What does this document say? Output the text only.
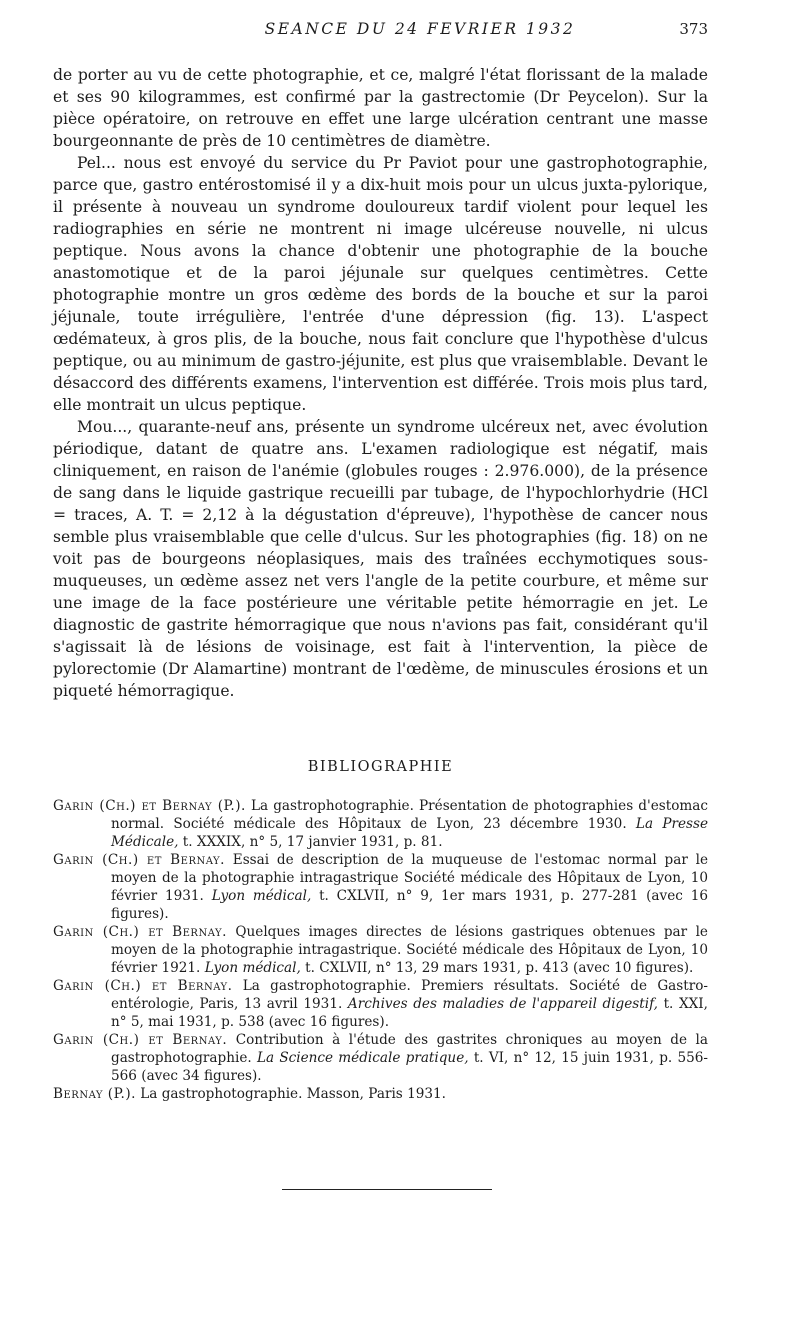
SEANCE DU 24 FEVRIER 1932	373

de porter au vu de cette photographie, et ce, malgré l'état florissant de la malade et ses 90 kilogrammes, est confirmé par la gastrectomie (Dr Peycelon). Sur la pièce opératoire, on retrouve en effet une large ulcération centrant une masse bourgeonnante de près de 10 centimètres de diamètre.

Pel... nous est envoyé du service du Pr Paviot pour une gastrophotographie, parce que, gastro entérostomisé il y a dix-huit mois pour un ulcus juxta-pylorique, il présente à nouveau un syndrome douloureux tardif violent pour lequel les radiographies en série ne montrent ni image ulcéreuse nouvelle, ni ulcus peptique. Nous avons la chance d'obtenir une photographie de la bouche anastomotique et de la paroi jéjunale sur quelques centimètres. Cette photographie montre un gros œdème des bords de la bouche et sur la paroi jéjunale, toute irrégulière, l'entrée d'une dépression (fig. 13). L'aspect œdémateux, à gros plis, de la bouche, nous fait conclure que l'hypothèse d'ulcus peptique, ou au minimum de gastro-jéjunite, est plus que vraisemblable. Devant le désaccord des différents examens, l'intervention est différée. Trois mois plus tard, elle montrait un ulcus peptique.

Mou..., quarante-neuf ans, présente un syndrome ulcéreux net, avec évolution périodique, datant de quatre ans. L'examen radiologique est négatif, mais cliniquement, en raison de l'anémie (globules rouges : 2.976.000), de la présence de sang dans le liquide gastrique recueilli par tubage, de l'hypochlorhydrie (HCl = traces, A. T. = 2,12 à la dégustation d'épreuve), l'hypothèse de cancer nous semble plus vraisemblable que celle d'ulcus. Sur les photographies (fig. 18) on ne voit pas de bourgeons néoplasiques, mais des traînées ecchymotiques sous-muqueuses, un œdème assez net vers l'angle de la petite courbure, et même sur une image de la face postérieure une véritable petite hémorragie en jet. Le diagnostic de gastrite hémorragique que nous n'avions pas fait, considérant qu'il s'agissait là de lésions de voisinage, est fait à l'intervention, la pièce de pylorectomie (Dr Alamartine) montrant de l'œdème, de minuscules érosions et un piqueté hémorragique.

BIBLIOGRAPHIE

Garin (Ch.) et Bernay (P.). La gastrophotographie. Présentation de photographies d'estomac normal. Société médicale des Hôpitaux de Lyon, 23 décembre 1930. La Presse Médicale, t. XXXIX, n° 5, 17 janvier 1931, p. 81.

Garin (Ch.) et Bernay. Essai de description de la muqueuse de l'estomac normal par le moyen de la photographie intragastrique Société médicale des Hôpitaux de Lyon, 10 février 1931. Lyon médical, t. CXLVII, n° 9, 1er mars 1931, p. 277-281 (avec 16 figures).

Garin (Ch.) et Bernay. Quelques images directes de lésions gastriques obtenues par le moyen de la photographie intragastrique. Société médicale des Hôpitaux de Lyon, 10 février 1921. Lyon médical, t. CXLVII, n° 13, 29 mars 1931, p. 413 (avec 10 figures).

Garin (Ch.) et Bernay. La gastrophotographie. Premiers résultats. Société de Gastro-entérologie, Paris, 13 avril 1931. Archives des maladies de l'appareil digestif, t. XXI, n° 5, mai 1931, p. 538 (avec 16 figures).

Garin (Ch.) et Bernay. Contribution à l'étude des gastrites chroniques au moyen de la gastrophotographie. La Science médicale pratique, t. VI, n° 12, 15 juin 1931, p. 556-566 (avec 34 figures).

Bernay (P.). La gastrophotographie. Masson, Paris 1931.
